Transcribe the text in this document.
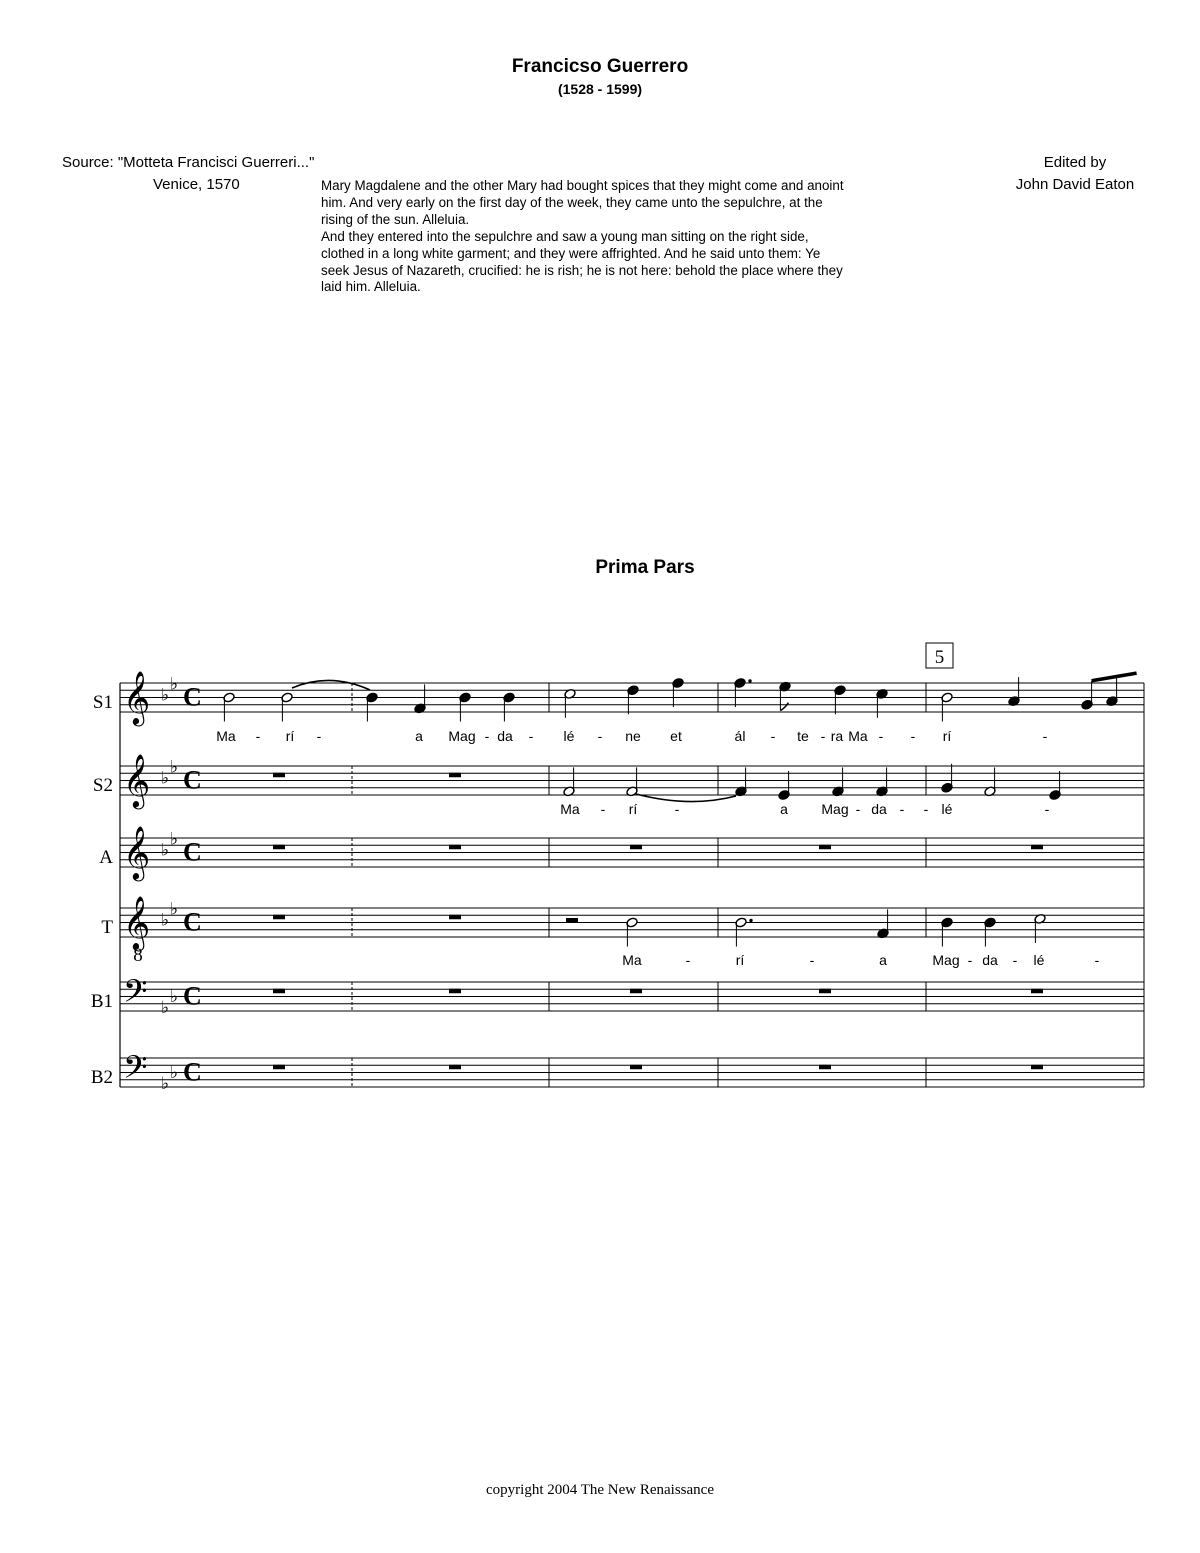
Francicso Guerrero
(1528 - 1599)
Source: "Motteta Francisci Guerreri..."
Venice, 1570
Edited by
John David Eaton
Mary Magdalene and the other Mary had bought spices that they might come and anoint
him. And very early on the first day of the week, they came unto the sepulchre, at the
rising of the sun. Alleluia.
And they entered into the sepulchre and saw a young man sitting on the right side,
clothed in a long white garment; and they were affrighted. And he said unto them: Ye
seek Jesus of Nazareth, crucified: he is rish; he is not here: behold the place where they
laid him. Alleluia.
Prima Pars
5
S1 𝄞 ♭
♭ C
S2 𝄞 ♭
♭ C
A 𝄞 ♭
♭ C
T 𝄞
8
♭
♭ C
B1 𝄢 ♭
♭ C
B2 𝄢 ♭
♭ C
Ma - rí -	a Mag - da - lé - ne et	ál - te - ra Ma - - rí	-
Ma - rí	-	a Mag - da - - lé	-
Ma	-	rí	-	a	Mag - da - lé	-
copyright 2004 The New Renaissance
